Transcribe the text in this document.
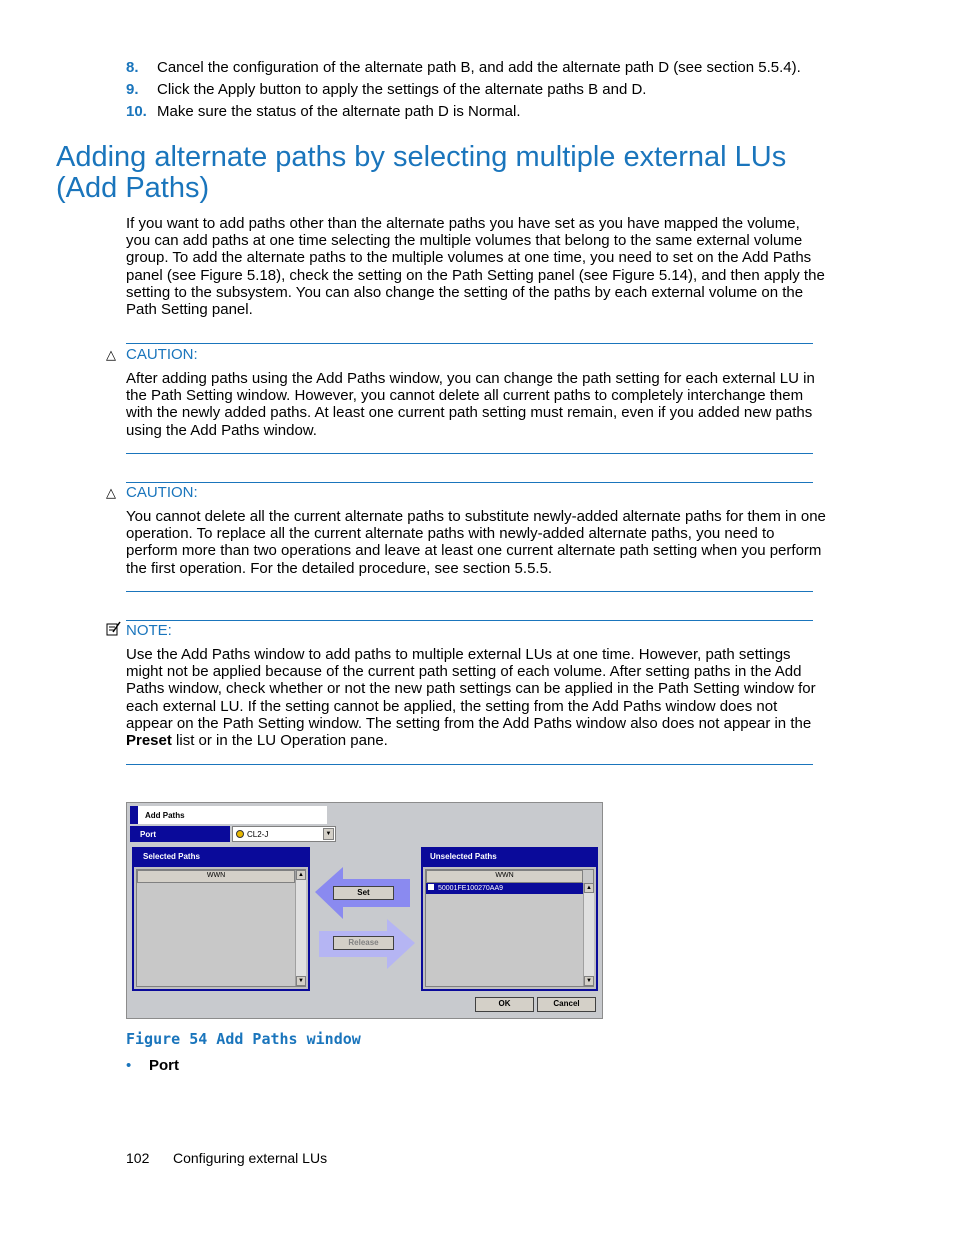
8. Cancel the configuration of the alternate path B, and add the alternate path D (see section 5.5.4).
9. Click the Apply button to apply the settings of the alternate paths B and D.
10. Make sure the status of the alternate path D is Normal.
Adding alternate paths by selecting multiple external LUs (Add Paths)

If you want to add paths other than the alternate paths you have set as you have mapped the volume, you can add paths at one time selecting the multiple volumes that belong to the same external volume group. To add the alternate paths to the multiple volumes at one time, you need to set on the Add Paths panel (see Figure 5.18), check the setting on the Path Setting panel (see Figure 5.14), and then apply the setting to the subsystem. You can also change the setting of the paths by each external volume on the Path Setting panel.

△ CAUTION:

After adding paths using the Add Paths window, you can change the path setting for each external LU in the Path Setting window. However, you cannot delete all current paths to completely interchange them with the newly added paths. At least one current path setting must remain, even if you added new paths using the Add Paths window.

△ CAUTION:

You cannot delete all the current alternate paths to substitute newly-added alternate paths for them in one operation. To replace all the current alternate paths with newly-added alternate paths, you need to perform more than two operations and leave at least one current alternate path setting when you perform the first operation. For the detailed procedure, see section 5.5.5.

NOTE:

Use the Add Paths window to add paths to multiple external LUs at one time. However, path settings might not be applied because of the current path setting of each volume. After setting paths in the Add Paths window, check whether or not the new path settings can be applied in the Path Setting window for each external LU. If the setting cannot be applied, the setting from the Add Paths window does not appear on the Path Setting window. The setting from the Add Paths window also does not appear in the Preset list or in the LU Operation pane.

Add Paths
Port	CL2-J	▼
Selected Paths
WWN	▲
▼
Set
Release
Unselected Paths
WWN
50001FE100270AA9	▲
▼
OK	Cancel
Figure 54 Add Paths window
• Port
102 Configuring external LUs
